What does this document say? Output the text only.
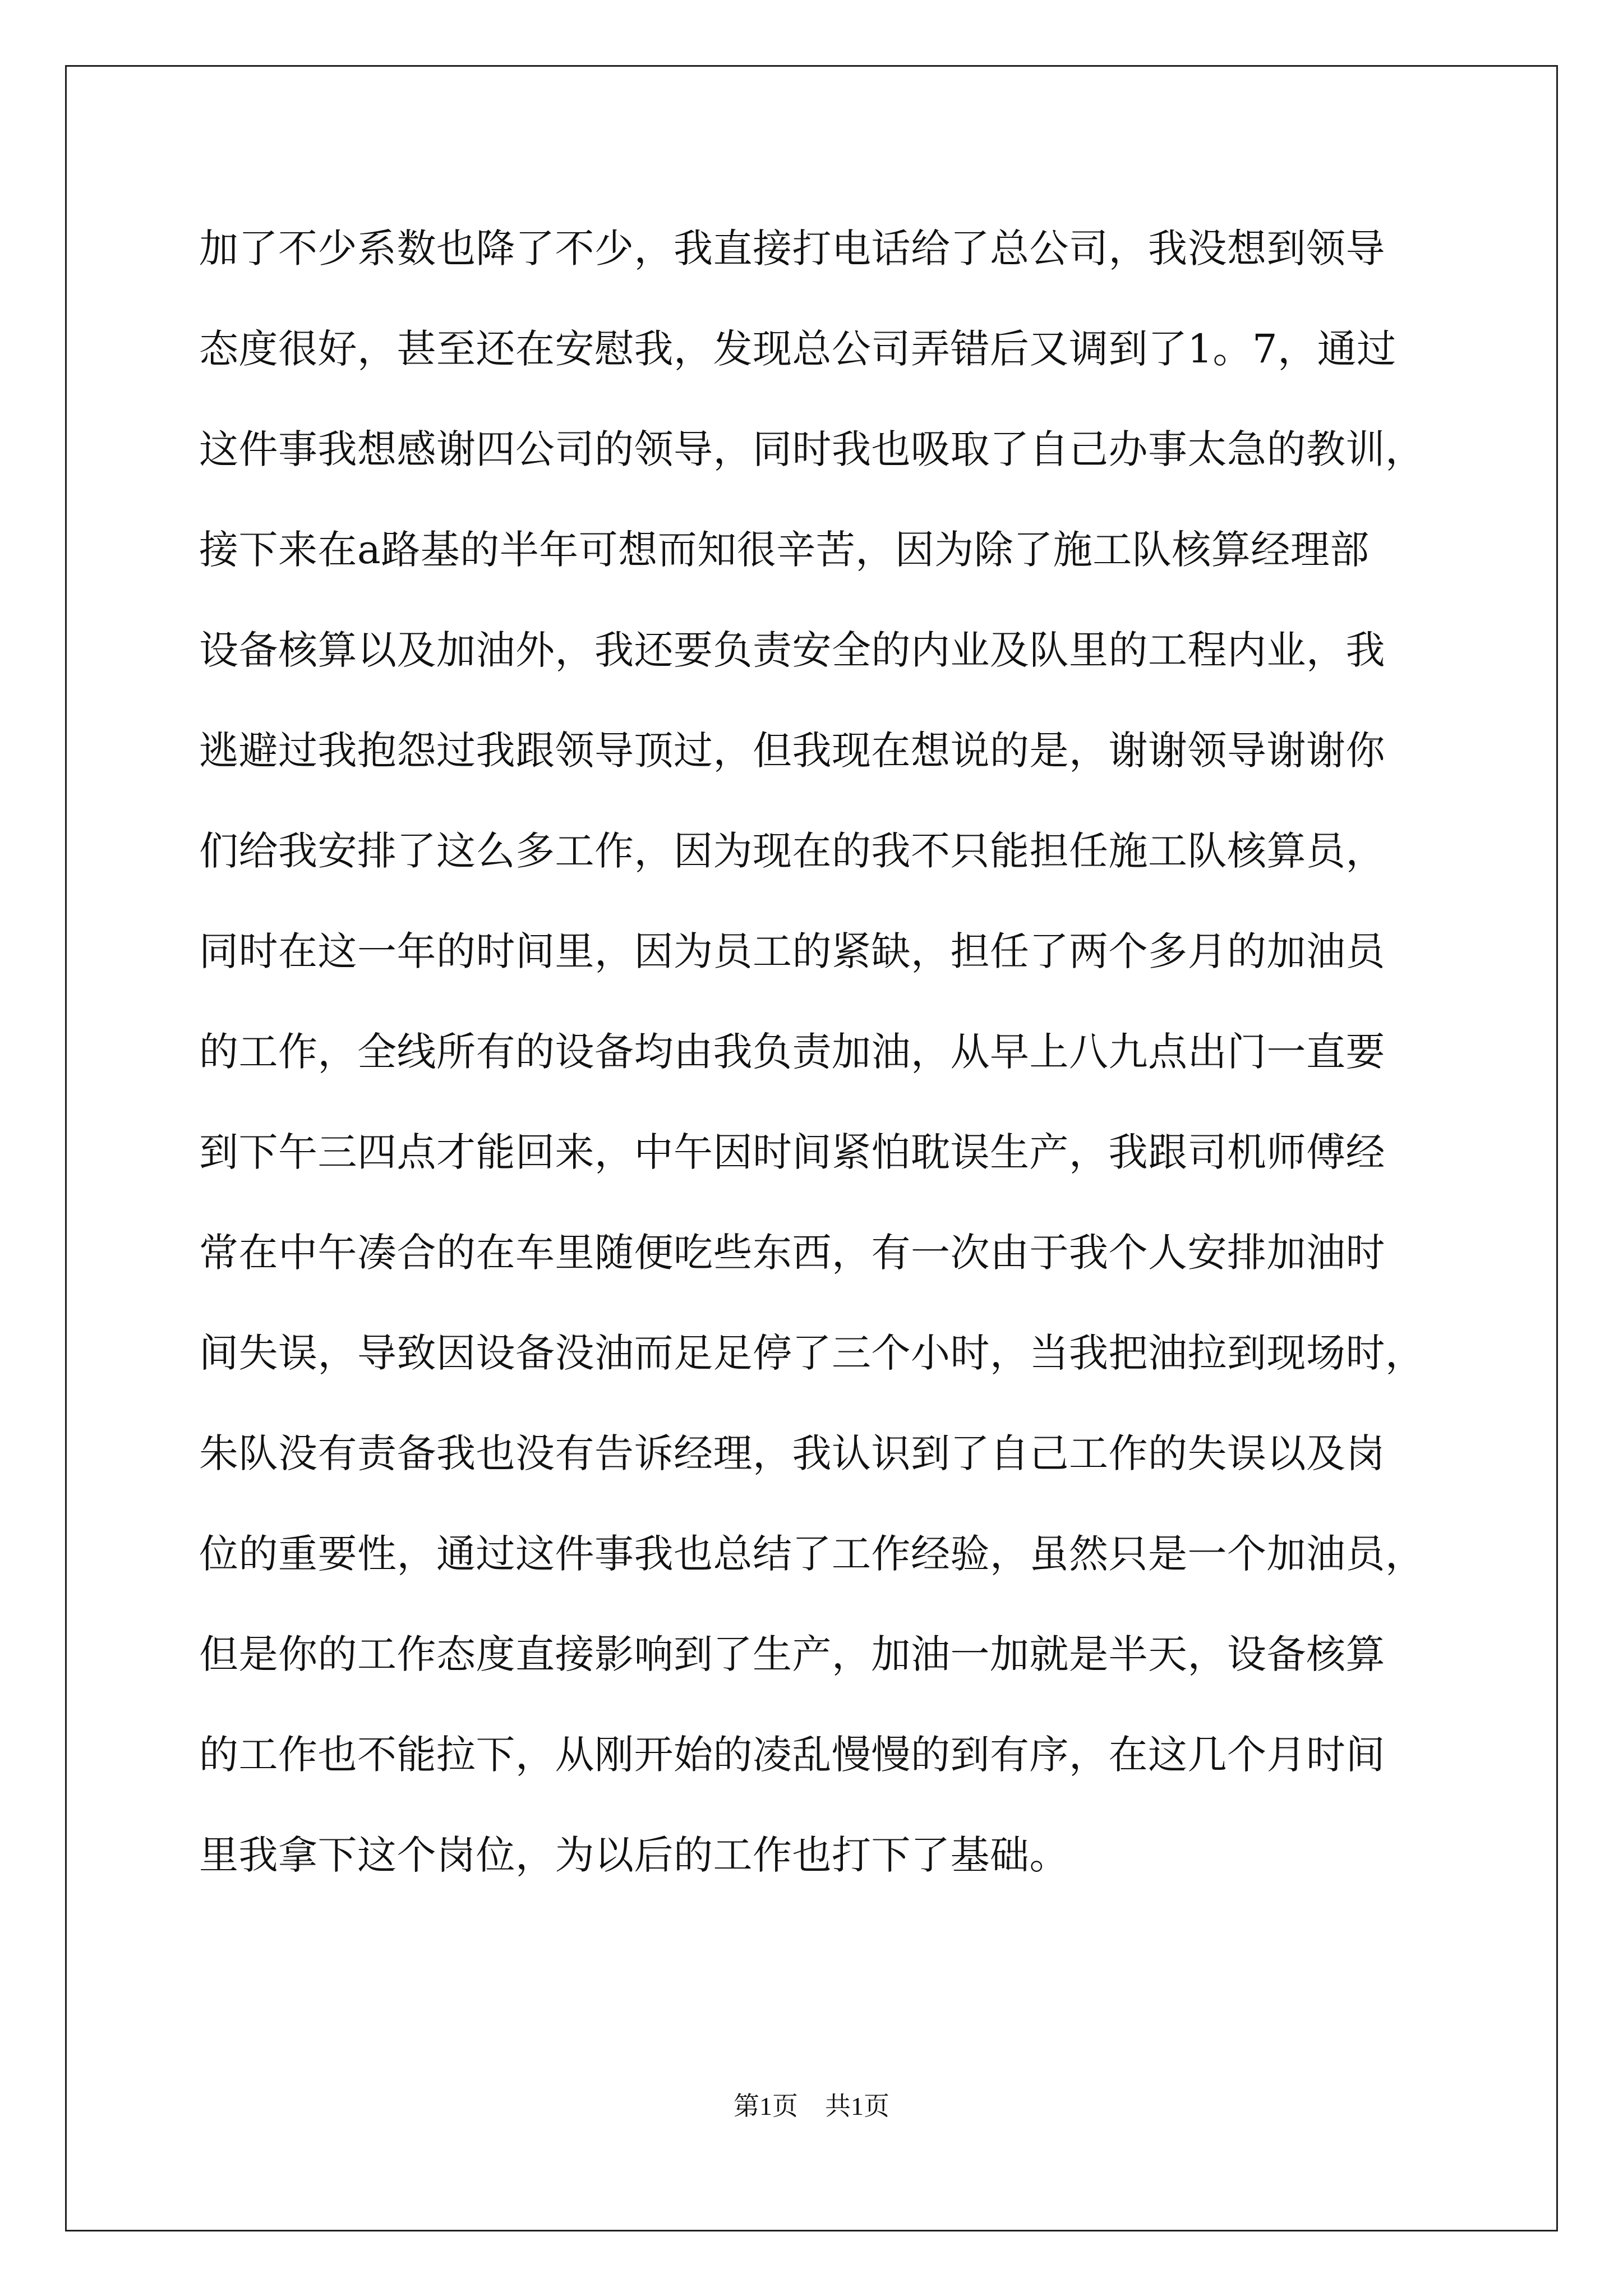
加了不少系数也降了不少，我直接打电话给了总公司，我没想到领导
态度很好，甚至还在安慰我，发现总公司弄错后又调到了1。7，通过
这件事我想感谢四公司的领导，同时我也吸取了自己办事太急的教训，
接下来在a路基的半年可想而知很辛苦，因为除了施工队核算经理部
设备核算以及加油外，我还要负责安全的内业及队里的工程内业，我
逃避过我抱怨过我跟领导顶过，但我现在想说的是，谢谢领导谢谢你
们给我安排了这么多工作，因为现在的我不只能担任施工队核算员，
同时在这一年的时间里，因为员工的紧缺，担任了两个多月的加油员
的工作，全线所有的设备均由我负责加油，从早上八九点出门一直要
到下午三四点才能回来，中午因时间紧怕耽误生产，我跟司机师傅经
常在中午凑合的在车里随便吃些东西，有一次由于我个人安排加油时
间失误，导致因设备没油而足足停了三个小时，当我把油拉到现场时，
朱队没有责备我也没有告诉经理，我认识到了自己工作的失误以及岗
位的重要性，通过这件事我也总结了工作经验，虽然只是一个加油员，
但是你的工作态度直接影响到了生产，加油一加就是半天，设备核算
的工作也不能拉下，从刚开始的凌乱慢慢的到有序，在这几个月时间
里我拿下这个岗位，为以后的工作也打下了基础。
第1页 共1页
